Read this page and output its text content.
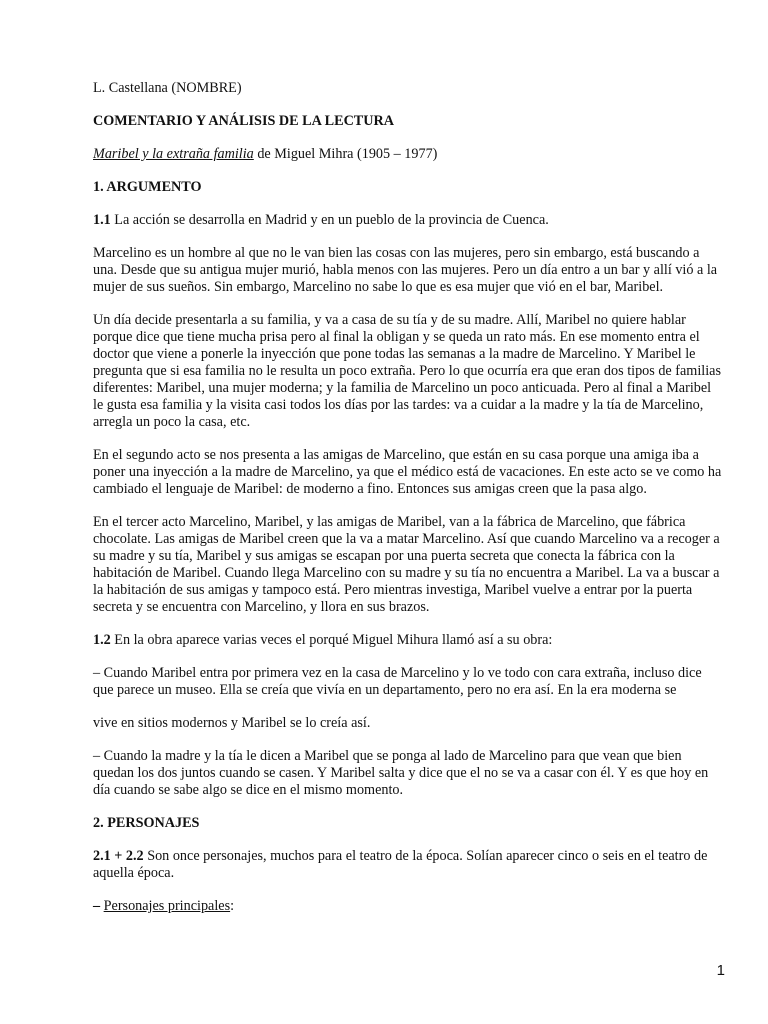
L. Castellana (NOMBRE)

COMENTARIO Y ANÁLISIS DE LA LECTURA

Maribel y la extraña familia de Miguel Mihra (1905 – 1977)

1. ARGUMENTO

1.1 La acción se desarrolla en Madrid y en un pueblo de la provincia de Cuenca.

Marcelino es un hombre al que no le van bien las cosas con las mujeres, pero sin embargo, está buscando a una. Desde que su antigua mujer murió, habla menos con las mujeres. Pero un día entro a un bar y allí vió a la mujer de sus sueños. Sin embargo, Marcelino no sabe lo que es esa mujer que vió en el bar, Maribel.

Un día decide presentarla a su familia, y va a casa de su tía y de su madre. Allí, Maribel no quiere hablar porque dice que tiene mucha prisa pero al final la obligan y se queda un rato más. En ese momento entra el doctor que viene a ponerle la inyección que pone todas las semanas a la madre de Marcelino. Y Maribel le pregunta que si esa familia no le resulta un poco extraña. Pero lo que ocurría era que eran dos tipos de familias diferentes: Maribel, una mujer moderna; y la familia de Marcelino un poco anticuada. Pero al final a Maribel le gusta esa familia y la visita casi todos los días por las tardes: va a cuidar a la madre y la tía de Marcelino, arregla un poco la casa, etc.

En el segundo acto se nos presenta a las amigas de Marcelino, que están en su casa porque una amiga iba a poner una inyección a la madre de Marcelino, ya que el médico está de vacaciones. En este acto se ve como ha cambiado el lenguaje de Maribel: de moderno a fino. Entonces sus amigas creen que la pasa algo.

En el tercer acto Marcelino, Maribel, y las amigas de Maribel, van a la fábrica de Marcelino, que fábrica chocolate. Las amigas de Maribel creen que la va a matar Marcelino. Así que cuando Marcelino va a recoger a su madre y su tía, Maribel y sus amigas se escapan por una puerta secreta que conecta la fábrica con la habitación de Maribel. Cuando llega Marcelino con su madre y su tía no encuentra a Maribel. La va a buscar a la habitación de sus amigas y tampoco está. Pero mientras investiga, Maribel vuelve a entrar por la puerta secreta y se encuentra con Marcelino, y llora en sus brazos.

1.2 En la obra aparece varias veces el porqué Miguel Mihura llamó así a su obra:

– Cuando Maribel entra por primera vez en la casa de Marcelino y lo ve todo con cara extraña, incluso dice que parece un museo. Ella se creía que vivía en un departamento, pero no era así. En la era moderna se

vive en sitios modernos y Maribel se lo creía así.

– Cuando la madre y la tía le dicen a Maribel que se ponga al lado de Marcelino para que vean que bien quedan los dos juntos cuando se casen. Y Maribel salta y dice que el no se va a casar con él. Y es que hoy en día cuando se sabe algo se dice en el mismo momento.

2. PERSONAJES

2.1 + 2.2 Son once personajes, muchos para el teatro de la época. Solían aparecer cinco o seis en el teatro de aquella época.

– Personajes principales:

1
